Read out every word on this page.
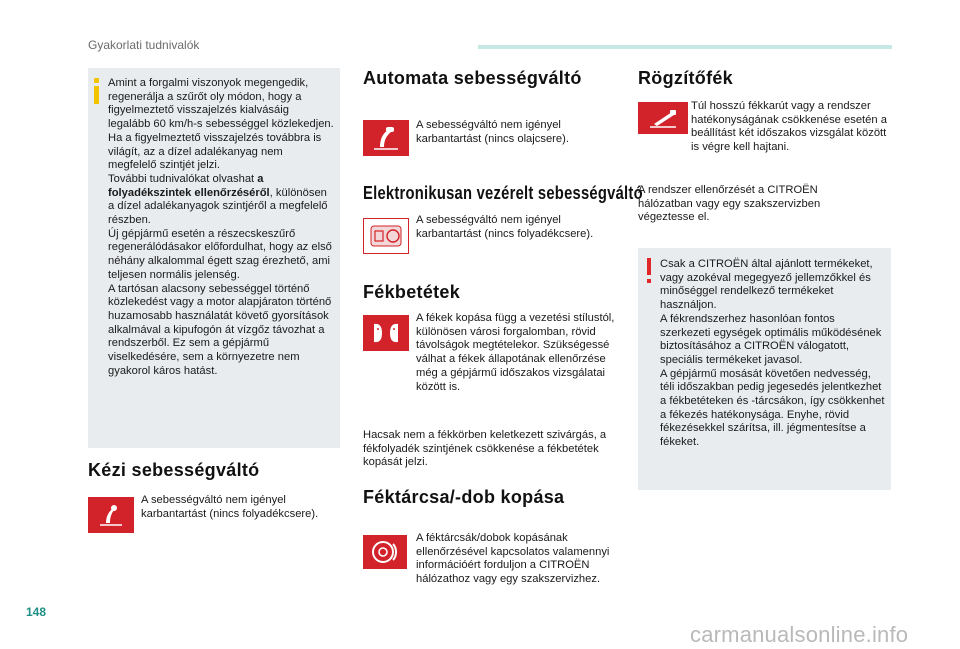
Gyakorlati tudnivalók

Amint a forgalmi viszonyok megengedik, regenerálja a szűrőt oly módon, hogy a figyelmeztető visszajelzés kialvásáig legalább 60 km/h-s sebességgel közlekedjen.

Ha a figyelmeztető visszajelzés továbbra is világít, az a dízel adalékanyag nem megfelelő szintjét jelzi.

További tudnivalókat olvashat a folyadékszintek ellenőrzéséről, különösen a dízel adalékanyagok szintjéről a megfelelő részben.

Új gépjármű esetén a részecskeszűrő regenerálódásakor előfordulhat, hogy az első néhány alkalommal égett szag érezhető, ami teljesen normális jelenség.

A tartósan alacsony sebességgel történő közlekedést vagy a motor alapjáraton történő huzamosabb használatát követő gyorsítások alkalmával a kipufogón át vízgőz távozhat a rendszerből. Ez sem a gépjármű viselkedésére, sem a környezetre nem gyakorol káros hatást.

Kézi sebességváltó

A sebességváltó nem igényel karbantartást (nincs folyadékcsere).

Automata sebességváltó

A sebességváltó nem igényel karbantartást (nincs olajcsere).

Elektronikusan vezérelt sebességváltó

A sebességváltó nem igényel karbantartást (nincs folyadékcsere).

Fékbetétek

A fékek kopása függ a vezetési stílustól, különösen városi forgalomban, rövid távolságok megtételekor. Szükségessé válhat a fékek állapotának ellenőrzése még a gépjármű időszakos vizsgálatai között is.

Hacsak nem a fékkörben keletkezett szivárgás, a fékfolyadék szintjének csökkenése a fékbetétek kopását jelzi.

Féktárcsa/-dob kopása

A féktárcsák/dobok kopásának ellenőrzésével kapcsolatos valamennyi információért forduljon a CITROËN hálózathoz vagy egy szakszervizhez.

Rögzítőfék

Túl hosszú fékkarút vagy a rendszer hatékonyságának csökkenése esetén a beállítást két időszakos vizsgálat között is végre kell hajtani.

A rendszer ellenőrzését a CITROËN hálózatban vagy egy szakszervizben végeztesse el.

Csak a CITROËN által ajánlott termékeket, vagy azokéval megegyező jellemzőkkel és minőséggel rendelkező termékeket használjon.

A fékrendszerhez hasonlóan fontos szerkezeti egységek optimális működésének biztosításához a CITROËN válogatott, speciális termékeket javasol.

A gépjármű mosását követően nedvesség, téli időszakban pedig jegesedés jelentkezhet a fékbetéteken és -tárcsákon, így csökkenhet a fékezés hatékonysága. Enyhe, rövid fékezésekkel szárítsa, ill. jégmentesítse a fékeket.

148
carmanualsonline.info
